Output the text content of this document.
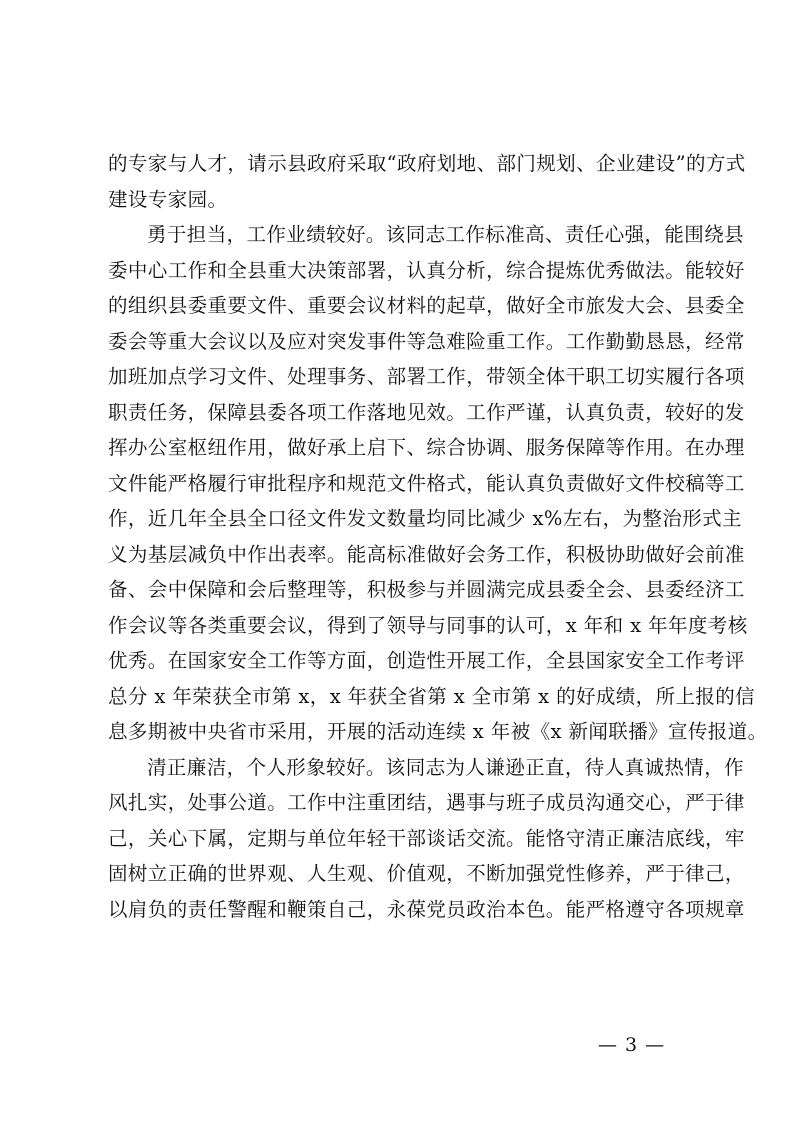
的专家与人才，请示县政府采取“政府划地、部门规划、企业建设”的方式
建设专家园。
勇于担当，工作业绩较好。该同志工作标准高、责任心强，能围绕县
委中心工作和全县重大决策部署，认真分析，综合提炼优秀做法。能较好
的组织县委重要文件、重要会议材料的起草，做好全市旅发大会、县委全
委会等重大会议以及应对突发事件等急难险重工作。工作勤勤恳恳，经常
加班加点学习文件、处理事务、部署工作，带领全体干职工切实履行各项
职责任务，保障县委各项工作落地见效。工作严谨，认真负责，较好的发
挥办公室枢纽作用，做好承上启下、综合协调、服务保障等作用。在办理
文件能严格履行审批程序和规范文件格式，能认真负责做好文件校稿等工
作，近几年全县全口径文件发文数量均同比减少 x%左右，为整治形式主
义为基层减负中作出表率。能高标准做好会务工作，积极协助做好会前准
备、会中保障和会后整理等，积极参与并圆满完成县委全会、县委经济工
作会议等各类重要会议，得到了领导与同事的认可，x 年和 x 年年度考核
优秀。在国家安全工作等方面，创造性开展工作，全县国家安全工作考评
总分 x 年荣获全市第 x，x 年获全省第 x 全市第 x 的好成绩，所上报的信
息多期被中央省市采用，开展的活动连续 x 年被《x 新闻联播》宣传报道。
清正廉洁，个人形象较好。该同志为人谦逊正直，待人真诚热情，作
风扎实，处事公道。工作中注重团结，遇事与班子成员沟通交心，严于律
己，关心下属，定期与单位年轻干部谈话交流。能恪守清正廉洁底线，牢
固树立正确的世界观、人生观、价值观，不断加强党性修养，严于律己，
以肩负的责任警醒和鞭策自己，永葆党员政治本色。能严格遵守各项规章
— 3 —
